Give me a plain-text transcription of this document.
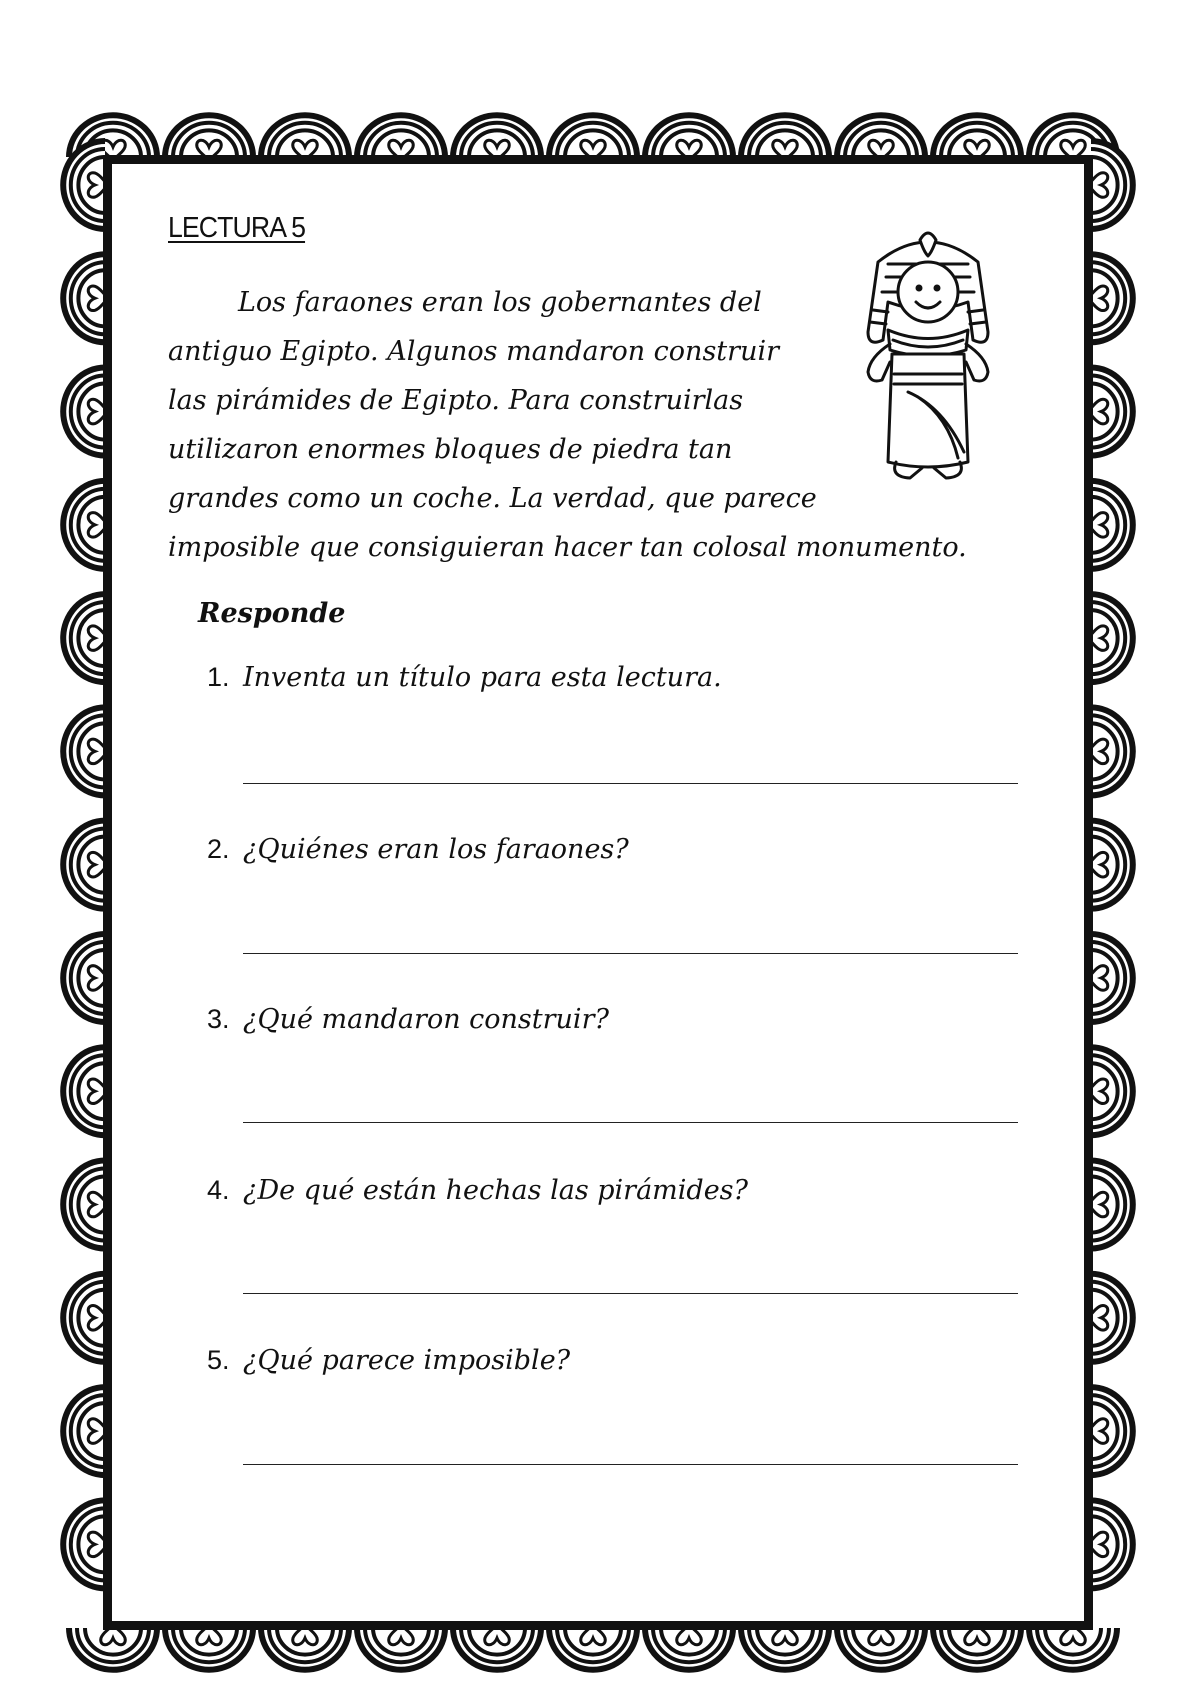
LECTURA 5
Los faraones eran los gobernantes del
antiguo Egipto. Algunos mandaron construir
las pirámides de Egipto. Para construirlas
utilizaron enormes bloques de piedra tan
grandes como un coche. La verdad, que parece
imposible que consiguieran hacer tan colosal monumento.
Responde
1. Inventa un título para esta lectura.
2. ¿Quiénes eran los faraones?
3. ¿Qué mandaron construir?
4. ¿De qué están hechas las pirámides?
5. ¿Qué parece imposible?
